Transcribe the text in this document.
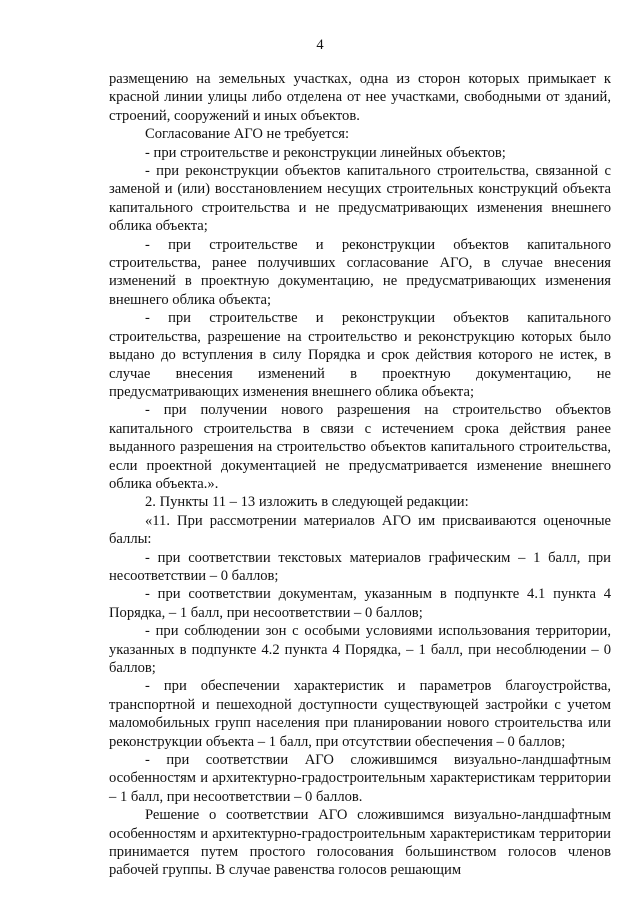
4

размещению на земельных участках, одна из сторон которых примыкает к красной линии улицы либо отделена от нее участками, свободными от зданий, строений, сооружений и иных объектов.

Согласование АГО не требуется:

- при строительстве и реконструкции линейных объектов;

- при реконструкции объектов капитального строительства, связанной с заменой и (или) восстановлением несущих строительных конструкций объекта капитального строительства и не предусматривающих изменения внешнего облика объекта;

- при строительстве и реконструкции объектов капитального строительства, ранее получивших согласование АГО, в случае внесения изменений в проектную документацию, не предусматривающих изменения внешнего облика объекта;

- при строительстве и реконструкции объектов капитального строительства, разрешение на строительство и реконструкцию которых было выдано до вступления в силу Порядка и срок действия которого не истек, в случае внесения изменений в проектную документацию, не предусматривающих изменения внешнего облика объекта;

- при получении нового разрешения на строительство объектов капитального строительства в связи с истечением срока действия ранее выданного разрешения на строительство объектов капитального строительства, если проектной документацией не предусматривается изменение внешнего облика объекта.».

2. Пункты 11 – 13 изложить в следующей редакции:

«11. При рассмотрении материалов АГО им присваиваются оценочные баллы:

- при соответствии текстовых материалов графическим – 1 балл, при несоответствии – 0 баллов;

- при соответствии документам, указанным в подпункте 4.1 пункта 4 Порядка, – 1 балл, при несоответствии – 0 баллов;

- при соблюдении зон с особыми условиями использования территории, указанных в подпункте 4.2 пункта 4 Порядка, – 1 балл, при несоблюдении – 0 баллов;

- при обеспечении характеристик и параметров благоустройства, транспортной и пешеходной доступности существующей застройки с учетом маломобильных групп населения при планировании нового строительства или реконструкции объекта – 1 балл, при отсутствии обеспечения – 0 баллов;

- при соответствии АГО сложившимся визуально-ландшафтным особенностям и архитектурно-градостроительным характеристикам территории – 1 балл, при несоответствии – 0 баллов.

Решение о соответствии АГО сложившимся визуально-ландшафтным особенностям и архитектурно-градостроительным характеристикам территории принимается путем простого голосования большинством голосов членов рабочей группы. В случае равенства голосов решающим
